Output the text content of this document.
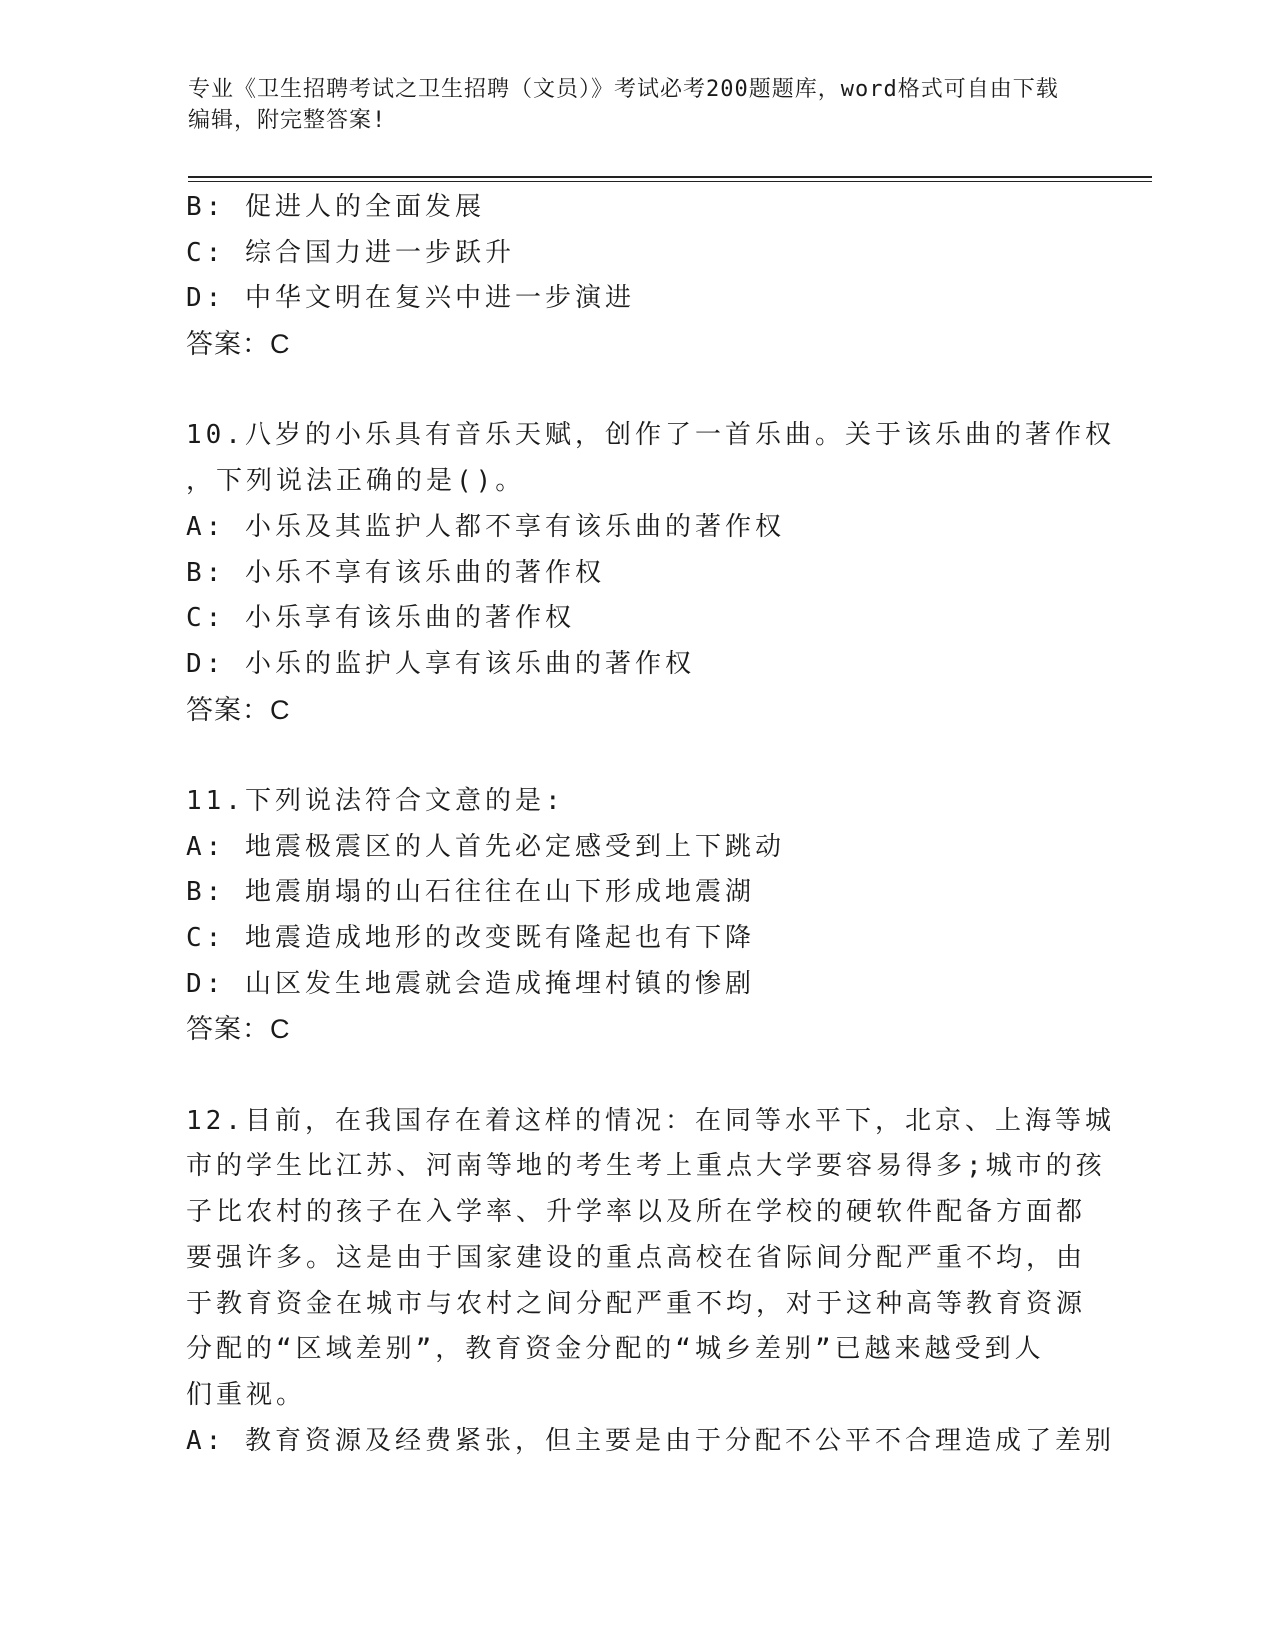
专业《卫生招聘考试之卫生招聘（文员）》考试必考200题题库，word格式可自由下载编辑，附完整答案!
B: 促进人的全面发展
C: 综合国力进一步跃升
D: 中华文明在复兴中进一步演进
答案：C
10.八岁的小乐具有音乐天赋，创作了一首乐曲。关于该乐曲的著作权
，下列说法正确的是()。
A: 小乐及其监护人都不享有该乐曲的著作权
B: 小乐不享有该乐曲的著作权
C: 小乐享有该乐曲的著作权
D: 小乐的监护人享有该乐曲的著作权
答案：C
11.下列说法符合文意的是:
A: 地震极震区的人首先必定感受到上下跳动
B: 地震崩塌的山石往往在山下形成地震湖
C: 地震造成地形的改变既有隆起也有下降
D: 山区发生地震就会造成掩埋村镇的惨剧
答案：C
12.目前，在我国存在着这样的情况：在同等水平下，北京、上海等城
市的学生比江苏、河南等地的考生考上重点大学要容易得多;城市的孩
子比农村的孩子在入学率、升学率以及所在学校的硬软件配备方面都
要强许多。这是由于国家建设的重点高校在省际间分配严重不均，由
于教育资金在城市与农村之间分配严重不均，对于这种高等教育资源
分配的“区域差别”，教育资金分配的“城乡差别”已越来越受到人
们重视。
A: 教育资源及经费紧张，但主要是由于分配不公平不合理造成了差别
